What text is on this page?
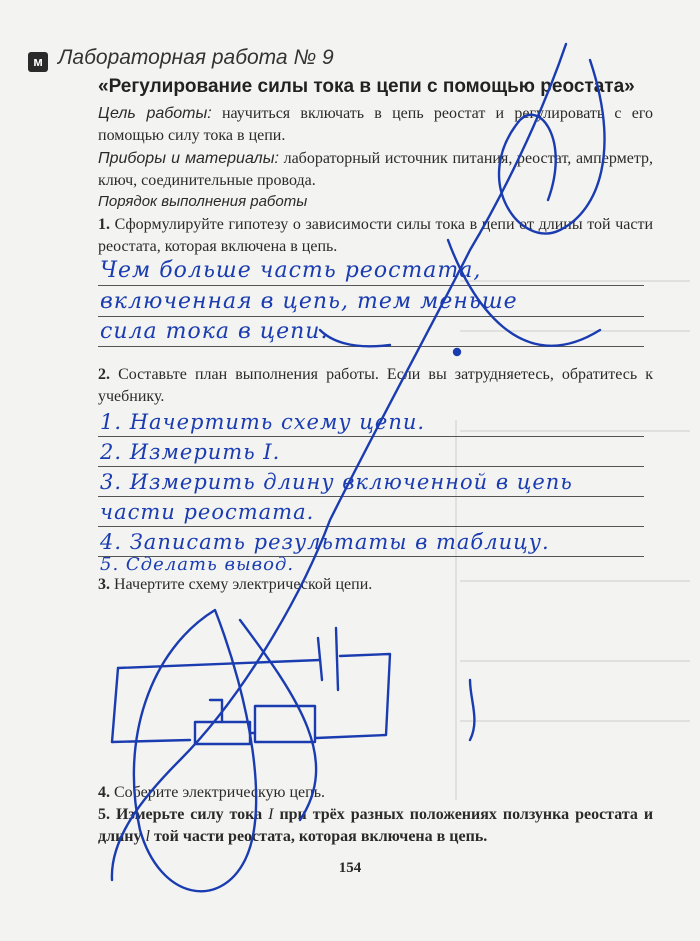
м Лабораторная работа № 9
«Регулирование силы тока в цепи с помощью реостата»
Цель работы: научиться включать в цепь реостат и регулировать с его помощью силу тока в цепи.
Приборы и материалы: лабораторный источник питания, реостат, амперметр, ключ, соединительные провода.
Порядок выполнения работы
1. Сформулируйте гипотезу о зависимости силы тока в цепи от длины той части реостата, которая включена в цепь.
Чем больше часть реостата,
включенная в цепь, тем меньше
сила тока в цепи.
2. Составьте план выполнения работы. Если вы затрудняетесь, обратитесь к учебнику.
1. Начертить схему цепи.
2. Измерить I.
3. Измерить длину включенной в цепь
части реостата.
4. Записать результаты в таблицу.
5. Сделать вывод.
3. Начертите схему электрической цепи.
4. Соберите электрическую цепь.
5. Измерьте силу тока I при трёх разных положениях ползунка реостата и длину l той части реостата, которая включена в цепь.
154
